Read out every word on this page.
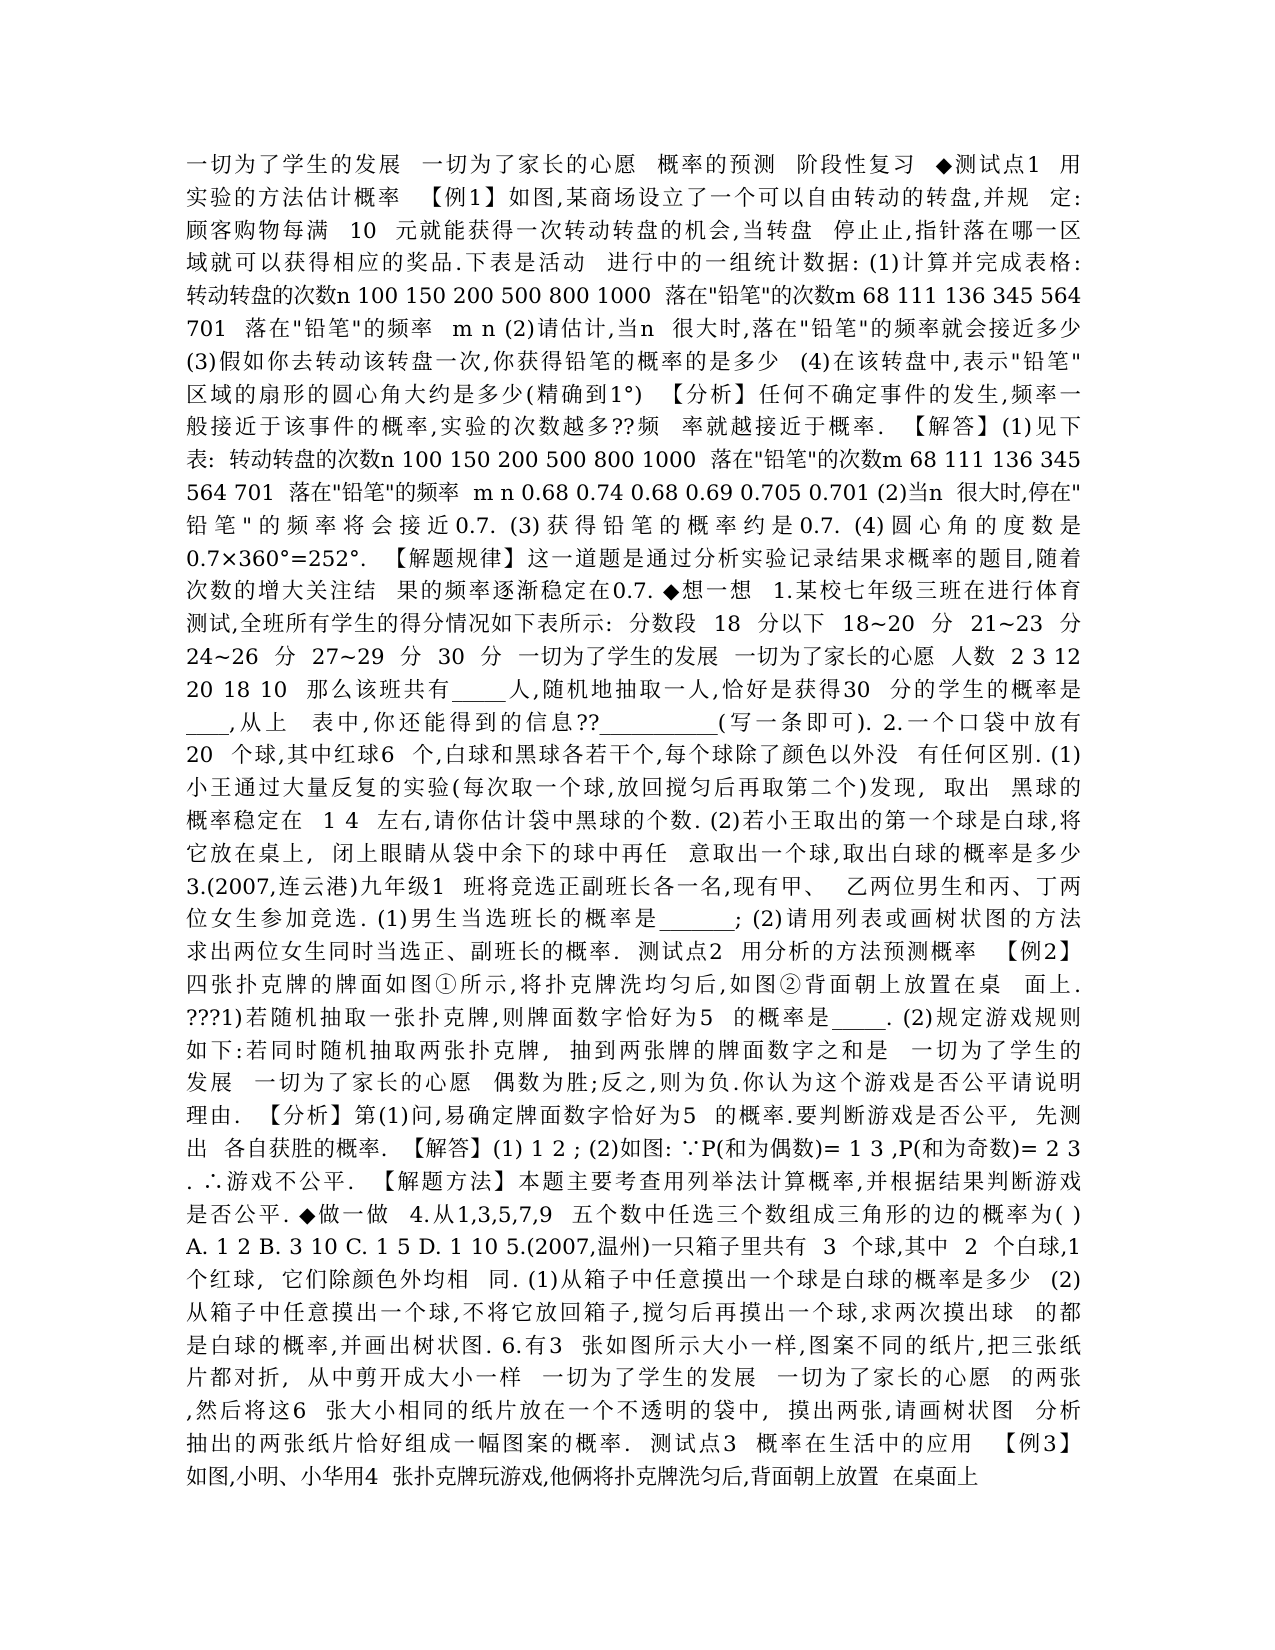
一切为了学生的发展  一切为了家长的心愿  概率的预测  阶段性复习  ◆测试点1  用
实验的方法估计概率  【例1】如图,某商场设立了一个可以自由转动的转盘,并规  定:
顾客购物每满  10  元就能获得一次转动转盘的机会,当转盘  停止止,指针落在哪一区
域就可以获得相应的奖品.下表是活动  进行中的一组统计数据: (1)计算并完成表格:
转动转盘的次数n 100 150 200 500 800 1000  落在"铅笔"的次数m 68 111 136 345 564
701  落在"铅笔"的频率  m n (2)请估计,当n  很大时,落在"铅笔"的频率就会接近多少
(3)假如你去转动该转盘一次,你获得铅笔的概率的是多少  (4)在该转盘中,表示"铅笔"
区域的扇形的圆心角大约是多少(精确到1°)  【分析】任何不确定事件的发生,频率一
般接近于该事件的概率,实验的次数越多??频  率就越接近于概率.  【解答】(1)见下
表:  转动转盘的次数n 100 150 200 500 800 1000  落在"铅笔"的次数m 68 111 136 345
564 701  落在"铅笔"的频率  m n 0.68 0.74 0.68 0.69 0.705 0.701 (2)当n  很大时,停在"
铅笔"的频率将会接近0.7. (3)获得铅笔的概率约是0.7. (4)圆心角的度数是
0.7×360°=252°.  【解题规律】这一道题是通过分析实验记录结果求概率的题目,随着
次数的增大关注结  果的频率逐渐稳定在0.7. ◆想一想  1.某校七年级三班在进行体育
测试,全班所有学生的得分情况如下表所示:  分数段  18  分以下  18~20  分  21~23  分
24~26  分  27~29  分  30  分  一切为了学生的发展  一切为了家长的心愿  人数  2 3 12
20 18 10  那么该班共有_____人,随机地抽取一人,恰好是获得30  分的学生的概率是
____,从上  表中,你还能得到的信息??___________(写一条即可). 2.一个口袋中放有
20  个球,其中红球6  个,白球和黑球各若干个,每个球除了颜色以外没  有任何区别. (1)
小王通过大量反复的实验(每次取一个球,放回搅匀后再取第二个)发现,  取出  黑球的
概率稳定在  1 4  左右,请你估计袋中黑球的个数. (2)若小王取出的第一个球是白球,将
它放在桌上,  闭上眼睛从袋中余下的球中再任  意取出一个球,取出白球的概率是多少
3.(2007,连云港)九年级1  班将竞选正副班长各一名,现有甲、  乙两位男生和丙、丁两
位女生参加竞选. (1)男生当选班长的概率是_______; (2)请用列表或画树状图的方法
求出两位女生同时当选正、副班长的概率.  测试点2  用分析的方法预测概率  【例2】
四张扑克牌的牌面如图①所示,将扑克牌洗均匀后,如图②背面朝上放置在桌  面上.
???1)若随机抽取一张扑克牌,则牌面数字恰好为5  的概率是_____. (2)规定游戏规则
如下:若同时随机抽取两张扑克牌,  抽到两张牌的牌面数字之和是  一切为了学生的
发展  一切为了家长的心愿  偶数为胜;反之,则为负.你认为这个游戏是否公平请说明
理由.  【分析】第(1)问,易确定牌面数字恰好为5  的概率.要判断游戏是否公平,  先测
出  各自获胜的概率.  【解答】(1) 1 2 ; (2)如图: ∵P(和为偶数)= 1 3 ,P(和为奇数)= 2 3
. ∴游戏不公平.  【解题方法】本题主要考查用列举法计算概率,并根据结果判断游戏
是否公平. ◆做一做  4.从1,3,5,7,9  五个数中任选三个数组成三角形的边的概率为( )
A. 1 2 B. 3 10 C. 1 5 D. 1 10 5.(2007,温州)一只箱子里共有  3  个球,其中  2  个白球,1
个红球,  它们除颜色外均相  同. (1)从箱子中任意摸出一个球是白球的概率是多少  (2)
从箱子中任意摸出一个球,不将它放回箱子,搅匀后再摸出一个球,求两次摸出球  的都
是白球的概率,并画出树状图. 6.有3  张如图所示大小一样,图案不同的纸片,把三张纸
片都对折,  从中剪开成大小一样  一切为了学生的发展  一切为了家长的心愿  的两张
,然后将这6  张大小相同的纸片放在一个不透明的袋中,  摸出两张,请画树状图  分析
抽出的两张纸片恰好组成一幅图案的概率.  测试点3  概率在生活中的应用  【例3】
如图,小明、小华用4  张扑克牌玩游戏,他俩将扑克牌洗匀后,背面朝上放置  在桌面上
